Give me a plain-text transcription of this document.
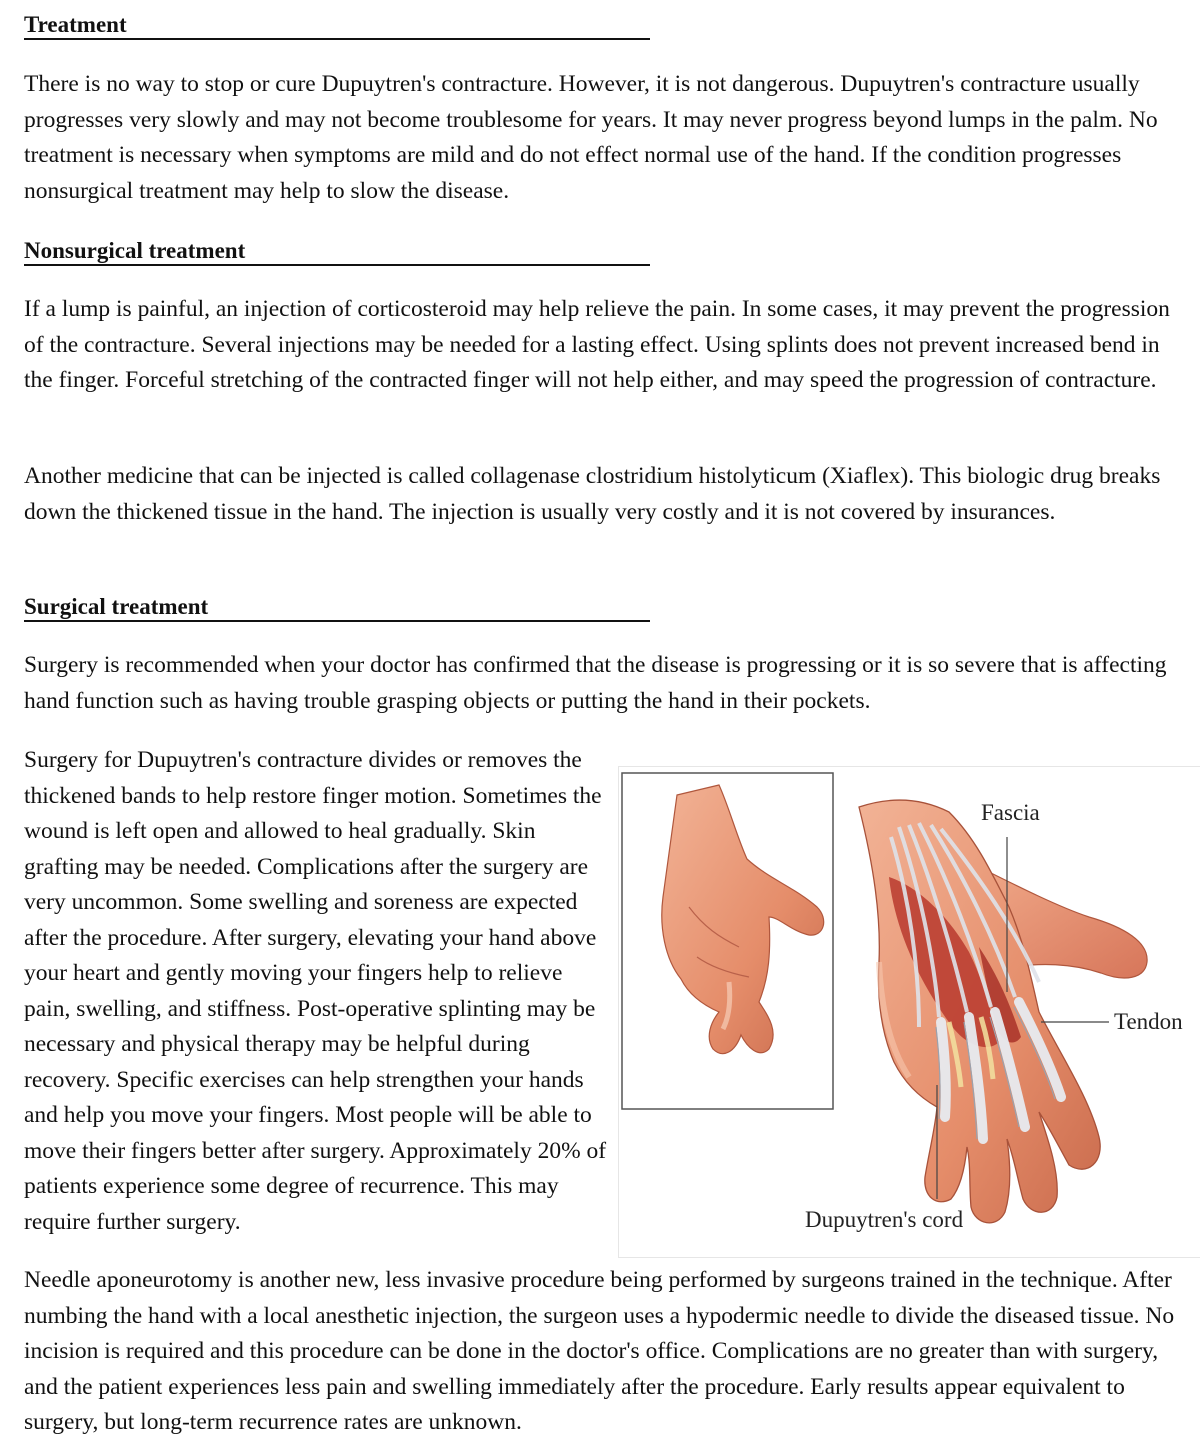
Treatment

There is no way to stop or cure Dupuytren's contracture. However, it is not dangerous. Dupuytren's contracture usually progresses very slowly and may not become troublesome for years. It may never progress beyond lumps in the palm. No treatment is necessary when symptoms are mild and do not effect normal use of the hand. If the condition progresses nonsurgical treatment may help to slow the disease.

Nonsurgical treatment

If a lump is painful, an injection of corticosteroid may help relieve the pain. In some cases, it may prevent the progression of the contracture. Several injections may be needed for a lasting effect. Using splints does not prevent increased bend in the finger. Forceful stretching of the contracted finger will not help either, and may speed the progression of contracture.

Another medicine that can be injected is called collagenase clostridium histolyticum (Xiaflex). This biologic drug breaks down the thickened tissue in the hand. The injection is usually very costly and it is not covered by insurances.

Surgical treatment

Surgery is recommended when your doctor has confirmed that the disease is progressing or it is so severe that is affecting hand function such as having trouble grasping objects or putting the hand in their pockets.

Surgery for Dupuytren's contracture divides or removes the thickened bands to help restore finger motion. Sometimes the wound is left open and allowed to heal gradually. Skin grafting may be needed. Complications after the surgery are very uncommon. Some swelling and soreness are expected after the procedure. After surgery, elevating your hand above your heart and gently moving your fingers help to relieve pain, swelling, and stiffness. Post-operative splinting may be necessary and physical therapy may be helpful during recovery. Specific exercises can help strengthen your hands and help you move your fingers. Most people will be able to move their fingers better after surgery. Approximately 20% of patients experience some degree of recurrence. This may require further surgery.

Needle aponeurotomy is another new, less invasive procedure being performed by surgeons trained in the technique. After numbing the hand with a local anesthetic injection, the surgeon uses a hypodermic needle to divide the diseased tissue. No incision is required and this procedure can be done in the doctor's office. Complications are no greater than with surgery, and the patient experiences less pain and swelling immediately after the procedure. Early results appear equivalent to surgery, but long-term recurrence rates are unknown.

Fascia
Tendon
Dupuytren's cord
